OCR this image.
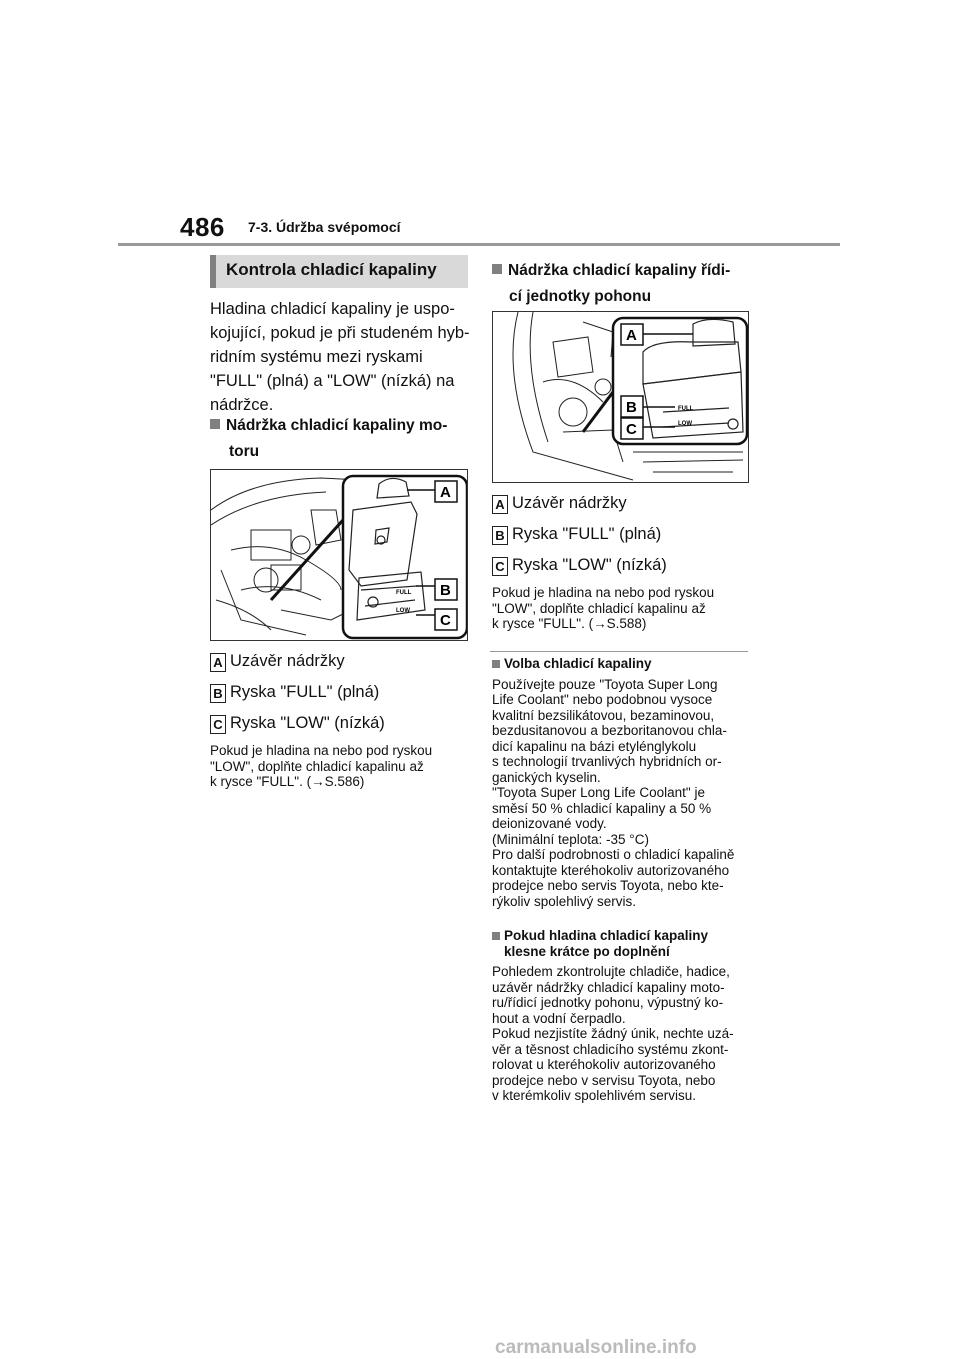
486 7-3. Údržba svépomocí
Kontrola chladicí kapaliny
Hladina chladicí kapaliny je uspo-
kojující, pokud je při studeném hyb-
ridním systému mezi ryskami
"FULL" (plná) a "LOW" (nízká) na
nádržce.
Nádržka chladicí kapaliny mo-
toru
FULL
LOW
A
B
C
A Uzávěr nádržky
B Ryska "FULL" (plná)
C Ryska "LOW" (nízká)
Pokud je hladina na nebo pod ryskou
"LOW", doplňte chladicí kapalinu až
k rysce "FULL". (→S.586)
Nádržka chladicí kapaliny řídi-
cí jednotky pohonu
FULL
LOW
A
B
C
A Uzávěr nádržky
B Ryska "FULL" (plná)
C Ryska "LOW" (nízká)
Pokud je hladina na nebo pod ryskou
"LOW", doplňte chladicí kapalinu až
k rysce "FULL". (→S.588)
Volba chladicí kapaliny
Používejte pouze "Toyota Super Long
Life Coolant" nebo podobnou vysoce
kvalitní bezsilikátovou, bezaminovou,
bezdusitanovou a bezboritanovou chla-
dicí kapalinu na bázi etylénglykolu
s technologií trvanlivých hybridních or-
ganických kyselin.
"Toyota Super Long Life Coolant" je
směsí 50 % chladicí kapaliny a 50 %
deionizované vody.
(Minimální teplota: -35 °C)
Pro další podrobnosti o chladicí kapalině
kontaktujte kteréhokoliv autorizovaného
prodejce nebo servis Toyota, nebo kte-
rýkoliv spolehlivý servis.
Pokud hladina chladicí kapaliny
klesne krátce po doplnění
Pohledem zkontrolujte chladiče, hadice,
uzávěr nádržky chladicí kapaliny moto-
ru/řídicí jednotky pohonu, výpustný ko-
hout a vodní čerpadlo.
Pokud nezjistíte žádný únik, nechte uzá-
věr a těsnost chladicího systému zkont-
rolovat u kteréhokoliv autorizovaného
prodejce nebo v servisu Toyota, nebo
v kterémkoliv spolehlivém servisu.
carmanualsonline.info
